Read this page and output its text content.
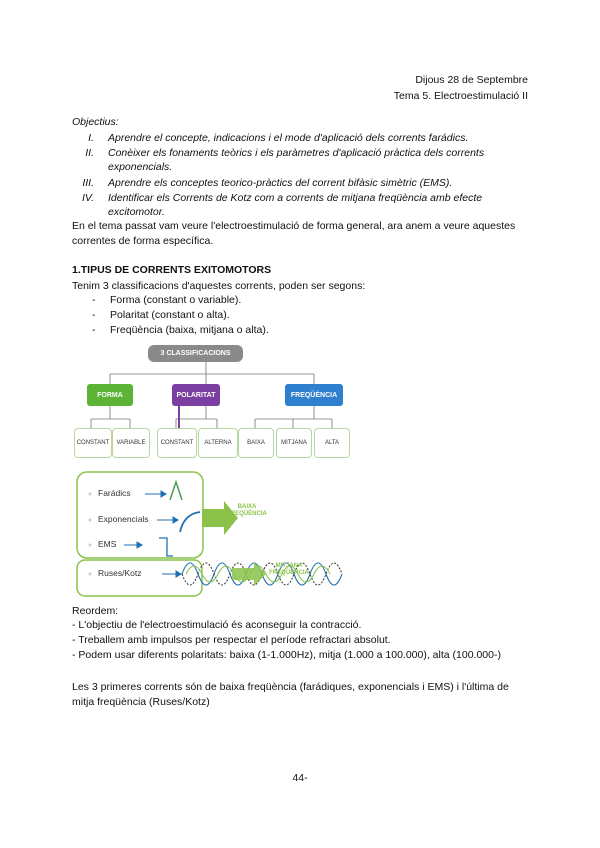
Dijous 28 de Septembre
Tema 5. Electroestimulació II
Objectius:
I. Aprendre el concepte, indicacions i el mode d'aplicació dels corrents farádics.
II. Conèixer els fonaments teòrics i els paràmetres d'aplicació pràctica dels corrents exponencials.
III. Aprendre els conceptes teorico-pràctics del corrent bifàsic simètric (EMS).
IV. Identificar els Corrents de Kotz com a corrents de mitjana freqüència amb efecte excitomotor.
En el tema passat vam veure l'electroestimulació de forma general, ara anem a veure aquestes correntes de forma específica.
1.TIPUS DE CORRENTS EXITOMOTORS
Tenim 3 classificacions d'aquestes corrents, poden ser segons:
- Forma (constant o variable).
- Polaritat (constant o alta).
- Freqüència (baixa, mitjana o alta).
3 CLASSIFICACIONS
FORMA	POLARITAT	FREQÜÈNCIA
CONSTANT	VARIABLE	CONSTANT	ALTERNA	BAIXA	MITJANA	ALTA
Farádics
Exponencials
EMS
Ruses/Kotz
BAIXA FREQÜÈNCIA
MITJANA FREQÜÈNCIA
Reordem:
- L'objectiu de l'electroestimulació és aconseguir la contracció.
- Treballem amb impulsos per respectar el període refractari absolut.
- Podem usar diferents polaritats: baixa (1-1.000Hz), mitja (1.000 a 100.000), alta (100.000-)
Les 3 primeres corrents són de baixa freqüència (farádiques, exponencials i EMS) i l'última de mitja freqüència (Ruses/Kotz)
44-
